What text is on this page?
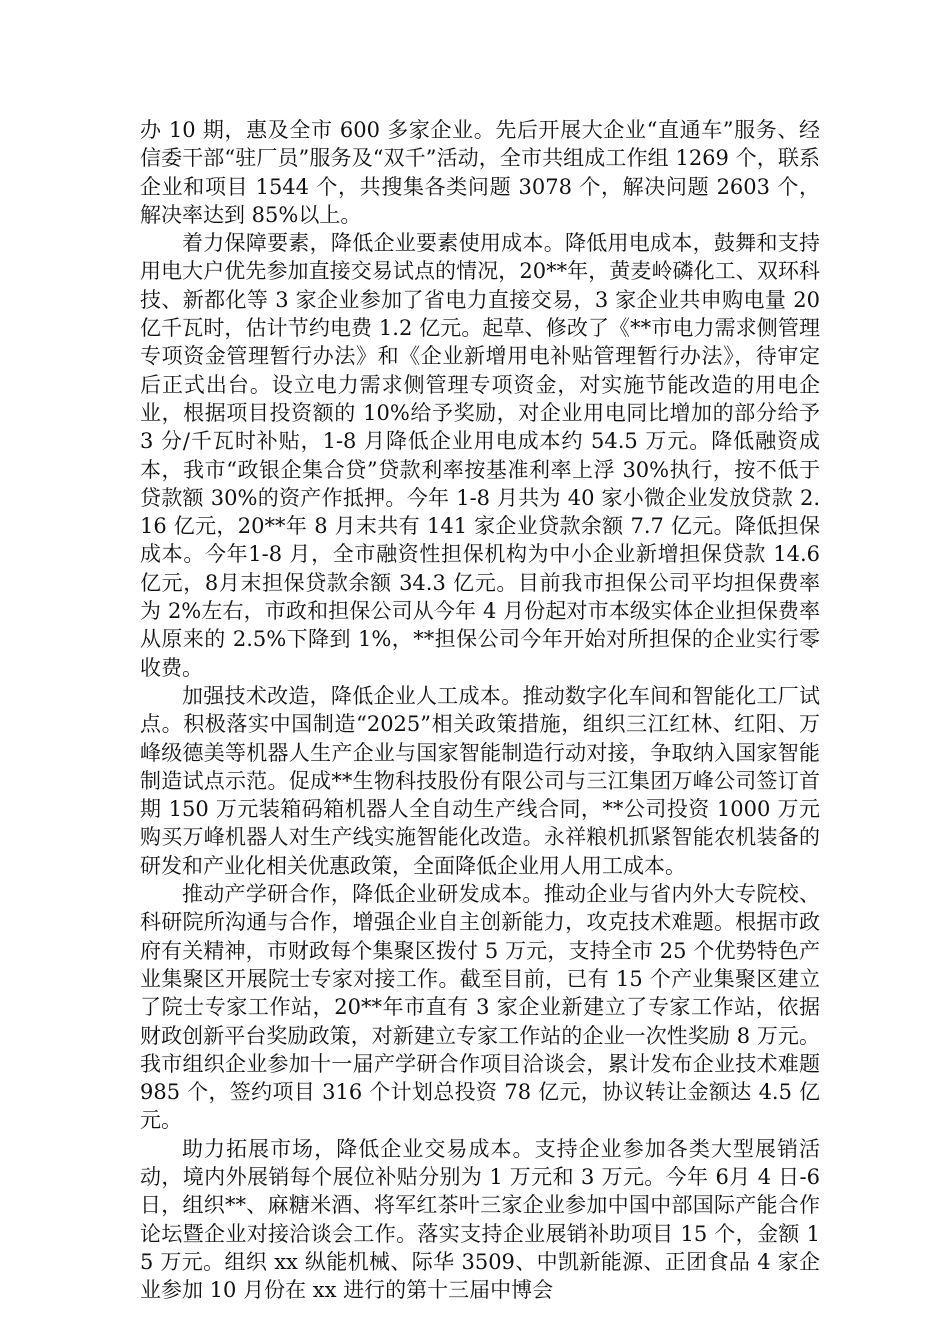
办 10 期，惠及全市 600 多家企业。先后开展大企业“直通车”服务、经信委干部“驻厂员”服务及“双千”活动，全市共组成工作组 1269 个，联系企业和项目 1544 个，共搜集各类问题 3078 个，解决问题 2603 个，解决率达到 85%以上。

着力保障要素，降低企业要素使用成本。降低用电成本，鼓舞和支持用电大户优先参加直接交易试点的情况，20**年，黄麦岭磷化工、双环科技、新都化等 3 家企业参加了省电力直接交易，3 家企业共申购电量 20 亿千瓦时，估计节约电费 1.2 亿元。起草、修改了《**市电力需求侧管理专项资金管理暂行办法》和《企业新增用电补贴管理暂行办法》，待审定后正式出台。设立电力需求侧管理专项资金，对实施节能改造的用电企业，根据项目投资额的 10%给予奖励，对企业用电同比增加的部分给予 3 分/千瓦时补贴，1-8 月降低企业用电成本约 54.5 万元。降低融资成本，我市“政银企集合贷”贷款利率按基准利率上浮 30%执行，按不低于贷款额 30%的资产作抵押。今年 1-8 月共为 40 家小微企业发放贷款 2.16 亿元，20**年 8 月末共有 141 家企业贷款余额 7.7 亿元。降低担保成本。今年1-8 月，全市融资性担保机构为中小企业新增担保贷款 14.6 亿元，8月末担保贷款余额 34.3 亿元。目前我市担保公司平均担保费率为 2%左右，市政和担保公司从今年 4 月份起对市本级实体企业担保费率从原来的 2.5%下降到 1%，**担保公司今年开始对所担保的企业实行零收费。

加强技术改造，降低企业人工成本。推动数字化车间和智能化工厂试点。积极落实中国制造“2025”相关政策措施，组织三江红林、红阳、万峰级德美等机器人生产企业与国家智能制造行动对接，争取纳入国家智能制造试点示范。促成**生物科技股份有限公司与三江集团万峰公司签订首期 150 万元装箱码箱机器人全自动生产线合同，**公司投资 1000 万元购买万峰机器人对生产线实施智能化改造。永祥粮机抓紧智能农机装备的研发和产业化相关优惠政策，全面降低企业用人用工成本。

推动产学研合作，降低企业研发成本。推动企业与省内外大专院校、科研院所沟通与合作，增强企业自主创新能力，攻克技术难题。根据市政府有关精神，市财政每个集聚区拨付 5 万元，支持全市 25 个优势特色产业集聚区开展院士专家对接工作。截至目前，已有 15 个产业集聚区建立了院士专家工作站，20**年市直有 3 家企业新建立了专家工作站，依据财政创新平台奖励政策，对新建立专家工作站的企业一次性奖励 8 万元。我市组织企业参加十一届产学研合作项目洽谈会，累计发布企业技术难题 985 个，签约项目 316 个计划总投资 78 亿元，协议转让金额达 4.5 亿元。

助力拓展市场，降低企业交易成本。支持企业参加各类大型展销活动，境内外展销每个展位补贴分别为 1 万元和 3 万元。今年 6月 4 日-6 日，组织**、麻糖米酒、将军红茶叶三家企业参加中国中部国际产能合作论坛暨企业对接洽谈会工作。落实支持企业展销补助项目 15 个，金额 15 万元。组织 xx 纵能机械、际华 3509、中凯新能源、正团食品 4 家企业参加 10 月份在 xx 进行的第十三届中博会
